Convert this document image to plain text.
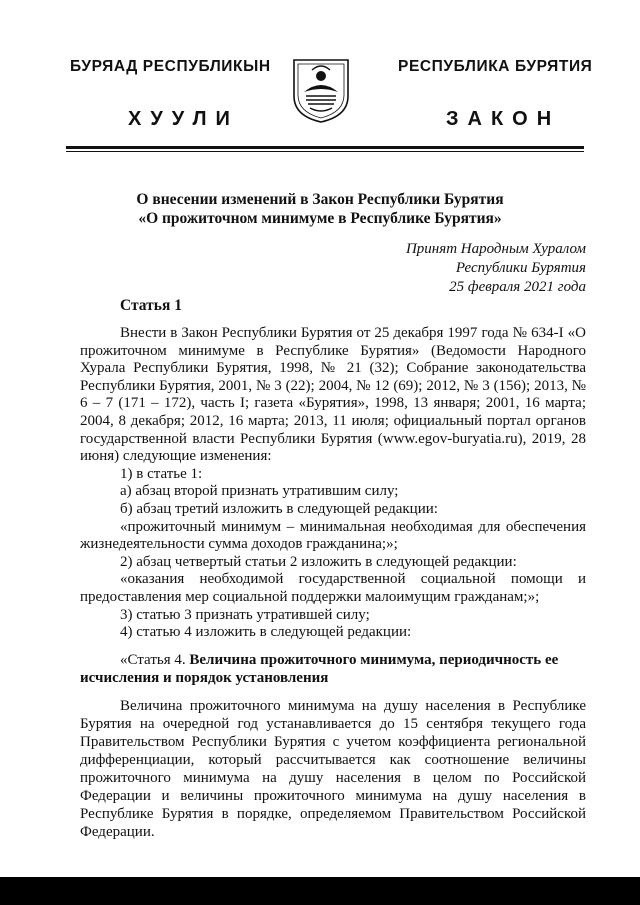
БУРЯАД РЕСПУБЛИКЫН
ХУУЛИ
РЕСПУБЛИКА БУРЯТИЯ
ЗАКОН
О внесении изменений в Закон Республики Бурятия
«О прожиточном минимуме в Республике Бурятия»
Принят Народным Хуралом
Республики Бурятия
25 февраля 2021 года
Статья 1

Внести в Закон Республики Бурятия от 25 декабря 1997 года № 634-I «О прожиточном минимуме в Республике Бурятия» (Ведомости Народного Хурала Республики Бурятия, 1998, № 21 (32); Собрание законодательства Республики Бурятия, 2001, № 3 (22); 2004, № 12 (69); 2012, № 3 (156); 2013, № 6 – 7 (171 – 172), часть I; газета «Бурятия», 1998, 13 января; 2001, 16 марта; 2004, 8 декабря; 2012, 16 марта; 2013, 11 июля; официальный портал органов государственной власти Республики Бурятия (www.egov-buryatia.ru), 2019, 28 июня) следующие изменения:

1) в статье 1:

а) абзац второй признать утратившим силу;

б) абзац третий изложить в следующей редакции:

«прожиточный минимум – минимальная необходимая для обеспечения жизнедеятельности сумма доходов гражданина;»;

2) абзац четвертый статьи 2 изложить в следующей редакции:

«оказания необходимой государственной социальной помощи и предоставления мер социальной поддержки малоимущим гражданам;»;

3) статью 3 признать утратившей силу;

4) статью 4 изложить в следующей редакции:

«Статья 4. Величина прожиточного минимума, периодичность ее исчисления и порядок установления

Величина прожиточного минимума на душу населения в Республике Бурятия на очередной год устанавливается до 15 сентября текущего года Правительством Республики Бурятия с учетом коэффициента региональной дифференциации, который рассчитывается как соотношение величины прожиточного минимума на душу населения в целом по Российской Федерации и величины прожиточного минимума на душу населения в Республике Бурятия в порядке, определяемом Правительством Российской Федерации.
